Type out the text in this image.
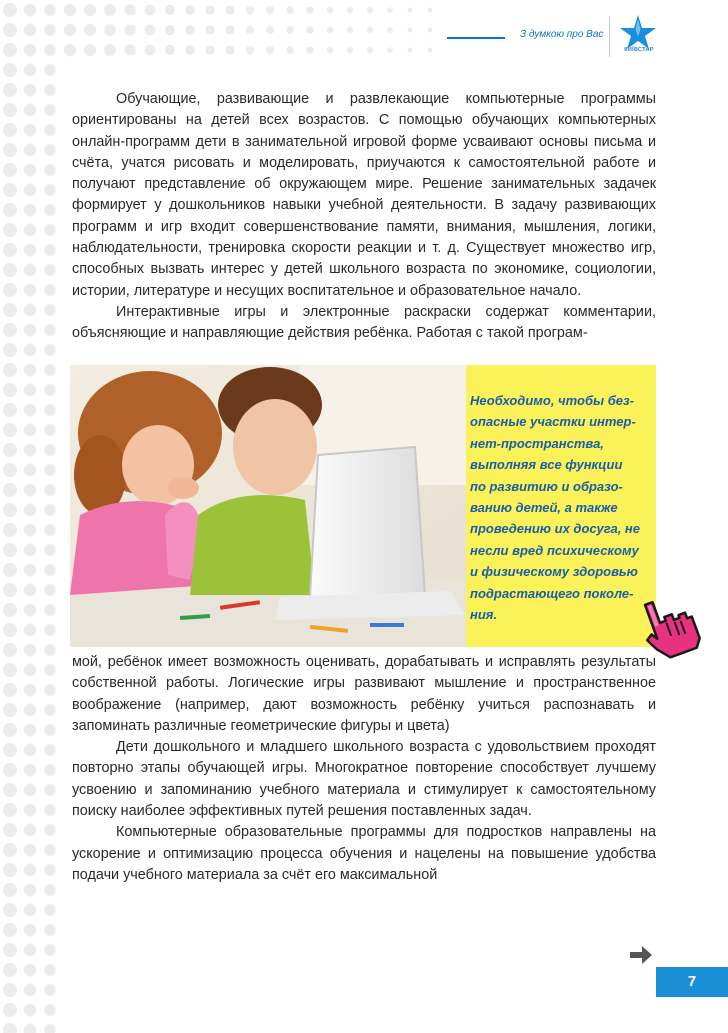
З думкою про Вас
КИЇВСТАР

Обучающие, развивающие и развлекающие компьютерные программы ориентированы на детей всех возрастов. С помощью обучающих компьютерных онлайн-программ дети в занимательной игровой форме усваивают основы письма и счёта, учатся рисовать и моделировать, приучаются к самостоятельной работе и получают представление об окружающем мире. Решение занимательных задачек формирует у дошкольников навыки учебной деятельности. В задачу развивающих программ и игр входит совершенствование памяти, внимания, мышления, логики, наблюдательности, тренировка скорости реакции и т. д. Существует множество игр, способных вызвать интерес у детей школьного возраста по экономике, социологии, истории, литературе и несущих воспитательное и образовательное начало.

Интерактивные игры и электронные раскраски содержат комментарии, объясняющие и направляющие действия ребёнка. Работая с такой програм-

Необходимо, чтобы без-
опасные участки интер-
нет-пространства,
выполняя все функции
по развитию и образо-
ванию детей, а также
проведению их досуга, не
несли вред психическому
и физическому здоровью
подрастающего поколе-
ния.

мой, ребёнок имеет возможность оценивать, дорабатывать и исправлять результаты собственной работы. Логические игры развивают мышление и пространственное воображение (например, дают возможность ребёнку учиться распознавать и запоминать различные геометрические фигуры и цвета)

Дети дошкольного и младшего школьного возраста с удовольствием проходят повторно этапы обучающей игры. Многократное повторение способствует лучшему усвоению и запоминанию учебного материала и стимулирует к самостоятельному поиску наиболее эффективных путей решения поставленных задач.

Компьютерные образовательные программы для подростков направлены на ускорение и оптимизацию процесса обучения и нацелены на повышение удобства подачи учебного материала за счёт его максимальной

7
